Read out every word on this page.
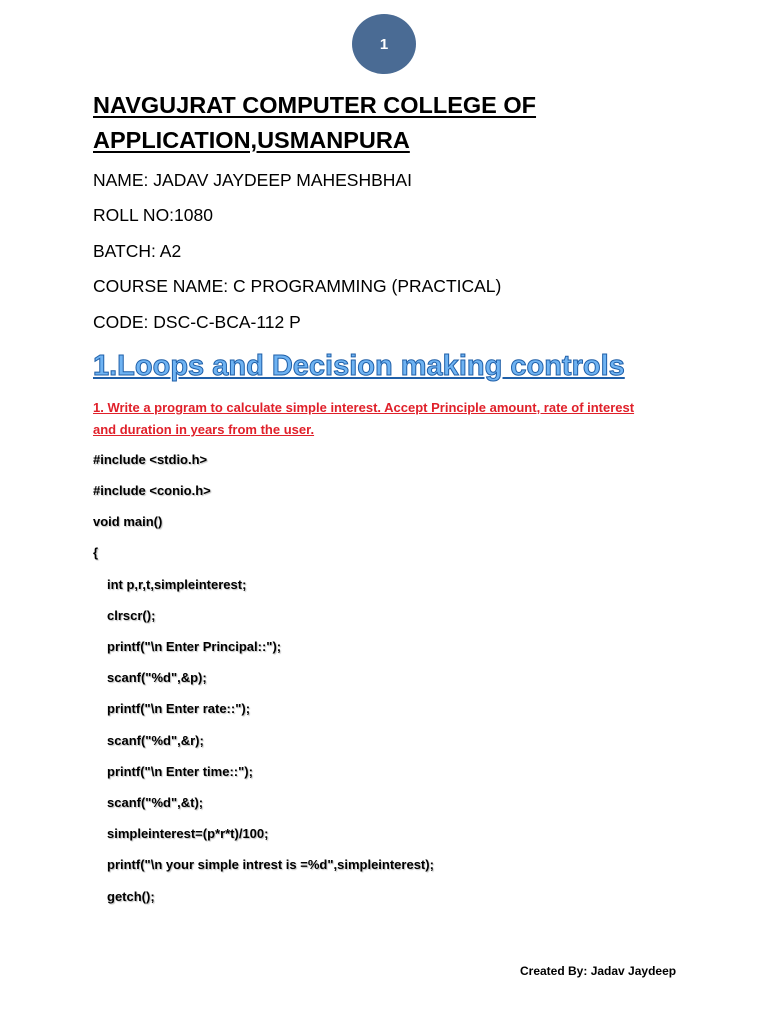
1
NAVGUJRAT COMPUTER COLLEGE OF
APPLICATION,USMANPURA
NAME: JADAV JAYDEEP MAHESHBHAI
ROLL NO:1080
BATCH: A2
COURSE NAME: C PROGRAMMING (PRACTICAL)
CODE: DSC-C-BCA-112 P
1.Loops and Decision making controls
1. Write a program to calculate simple interest. Accept Principle amount, rate of interest
and duration in years from the user.
#include <stdio.h>
#include <conio.h>
void main()
{
int p,r,t,simpleinterest;
clrscr();
printf("\n Enter Principal::");
scanf("%d",&p);
printf("\n Enter rate::");
scanf("%d",&r);
printf("\n Enter time::");
scanf("%d",&t);
simpleinterest=(p*r*t)/100;
printf("\n your simple intrest is =%d",simpleinterest);
getch();
Created By: Jadav Jaydeep
